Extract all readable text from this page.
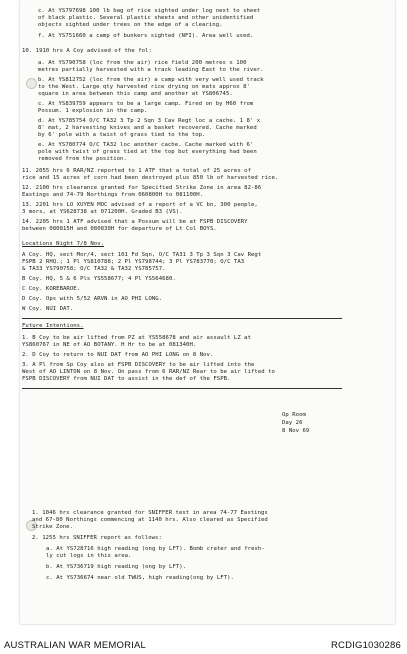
c. At YS797698 100 lb bag of rice sighted under log next to sheet
of black plastic. Several plastic sheets and other unidentified
objects sighted under trees on the edge of a clearing.
f. At YS751660 a camp of bunkers sighted (NFI). Area well used.
10. 1910 hrs A Coy advised of the fol:
a. At YS790758 (loc from the air) rice field 200 metres x 100
metres partially harvested with a track leading East to the river.
b. At YS812752 (loc from the air) a camp with very well used track
to the West. Large qty harvested rice drying on mats approx 8'
square in area between this camp and another at YS806745.
c. At YS839759 appears to be a large camp. Fired on by H60 from
Possum. 1 explosion in the camp.
d. At YS785754 O/C TA32 3 Tp 2 Sqn 3 Cav Regt loc a cache. 1 8' x
8' mat, 2 harvesting knives and a basket recovered. Cache marked
by 6' pole with a twist of grass tied to the top.
e. At YS780774 O/C TA32 loc another cache. Cache marked with 6'
pole with twist of grass tied at the top but everything had been
removed from the position.
11. 2055 hrs 6 RAR/NZ reported to 1 ATF that a total of 25 acres of
rice and 15 acres of corn had been destroyed plus 850 lb of harvested rice.
12. 2100 hrs clearance granted for Specified Strike Zone in area 82-86
Eastings and 74-79 Northings from 060800H to 081100H.
13. 2201 hrs LO XUYEN MOC advised of a report of a VC bn, 300 people,
3 mors, at YS628738 at 071200H. Graded B3 (VS).
14. 2205 hrs 1 ATF advised that a Possum will be at FSPB DISCOVERY
between 080815H and 080830H for departure of Lt Col BOYS.
Locations Night 7/8 Nov.
A Coy. HQ, sect Mor/4, sect 101 Fd Sqn, O/C TA31 3 Tp 3 Sqn 3 Cav Regt
FSPB 2 RHQ.; 1 Pl YS810788; 2 Pl YS798744; 3 Pl YS783770; O/C TA3
& TA33 YS790758; O/C TA32 & TA32 YS785757.
B Coy. HQ, 5 & 6 Pls YS558677; 4 Pl YS564680.
C Coy. KOREBAROE.
D Coy. Ops with 5/52 ARVN in AO PHI LONG.
W Coy. NUI DAT.
Future Intentions.
1. B Coy to be air lifted from PZ at YS558678 and air assault LZ at
YS860767 in NE of AO BOTANY. H Hr to be at 081340H.
2. D Coy to return to NUI DAT from AO PHI LONG on 8 Nov.
3. A Pl from Sp Coy also at FSPB DISCOVERY to be air lifted into the
West of AO LINTON on 8 Nov. On pass from 6 RAR/NZ Rear to be air lifted to
FSPB DISCOVERY from NUI DAT to assist in the def of the FSPB.
Op Room
Day 26
8 Nov 69
1. 1046 hrs clearance granted for SNIFFER test in area 74-77 Eastings
and 67-80 Northings commencing at 1140 hrs. Also cleared as Specified
Strike Zone.
2. 1255 hrs SNIFFER report as follows:
a. At YS728716 high reading (ong by LFT). Bomb crater and fresh-
ly cut logs in this area.
b. At YS736719 high reading (ong by LFT).
c. At YS736674 near old TWUS, high reading(ong by LFT).
AUSTRALIAN WAR MEMORIAL	RCDIG1030286
